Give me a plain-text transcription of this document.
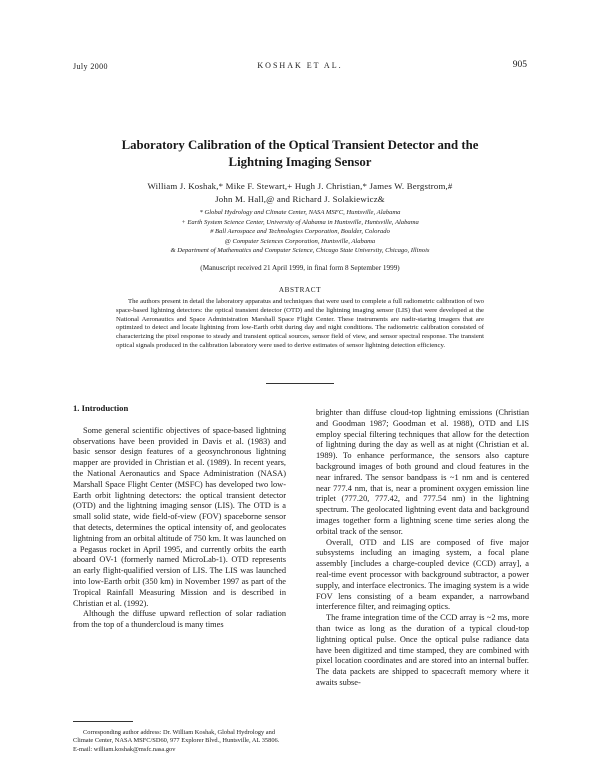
July 2000	KOSHAK ET AL.	905
Laboratory Calibration of the Optical Transient Detector and the
Lightning Imaging Sensor
William J. Koshak,* Mike F. Stewart,+ Hugh J. Christian,* James W. Bergstrom,#
John M. Hall,@ and Richard J. Solakiewicz&
* Global Hydrology and Climate Center, NASA MSFC, Huntsville, Alabama
+ Earth System Science Center, University of Alabama in Huntsville, Huntsville, Alabama
# Ball Aerospace and Technologies Corporation, Boulder, Colorado
@ Computer Sciences Corporation, Huntsville, Alabama
& Department of Mathematics and Computer Science, Chicago State University, Chicago, Illinois
(Manuscript received 21 April 1999, in final form 8 September 1999)
ABSTRACT
The authors present in detail the laboratory apparatus and techniques that were used to complete a full radiometric calibration of two space-based lightning detectors: the optical transient detector (OTD) and the lightning imaging sensor (LIS) that were developed at the National Aeronautics and Space Administration Marshall Space Flight Center. These instruments are nadir-staring imagers that are optimized to detect and locate lightning from low-Earth orbit during day and night conditions. The radiometric calibration consisted of characterizing the pixel response to steady and transient optical sources, sensor field of view, and sensor spectral response. The transient optical signals produced in the calibration laboratory were used to derive estimates of sensor lightning detection efficiency.

1. Introduction

Some general scientific objectives of space-based lightning observations have been provided in Davis et al. (1983) and basic sensor design features of a geosynchronous lightning mapper are provided in Christian et al. (1989). In recent years, the National Aeronautics and Space Administration (NASA) Marshall Space Flight Center (MSFC) has developed two low-Earth orbit lightning detectors: the optical transient detector (OTD) and the lightning imaging sensor (LIS). The OTD is a small solid state, wide field-of-view (FOV) spaceborne sensor that detects, determines the optical intensity of, and geolocates lightning from an orbital altitude of 750 km. It was launched on a Pegasus rocket in April 1995, and currently orbits the earth aboard OV-1 (formerly named MicroLab-1). OTD represents an early flight-qualified version of LIS. The LIS was launched into low-Earth orbit (350 km) in November 1997 as part of the Tropical Rainfall Measuring Mission and is described in Christian et al. (1992).

Although the diffuse upward reflection of solar radiation from the top of a thundercloud is many times

brighter than diffuse cloud-top lightning emissions (Christian and Goodman 1987; Goodman et al. 1988), OTD and LIS employ special filtering techniques that allow for the detection of lightning during the day as well as at night (Christian et al. 1989). To enhance performance, the sensors also capture background images of both ground and cloud features in the near infrared. The sensor bandpass is ~1 nm and is centered near 777.4 nm, that is, near a prominent oxygen emission line triplet (777.20, 777.42, and 777.54 nm) in the lightning spectrum. The geolocated lightning event data and background images together form a lightning scene time series along the orbital track of the sensor.

Overall, OTD and LIS are composed of five major subsystems including an imaging system, a focal plane assembly [includes a charge-coupled device (CCD) array], a real-time event processor with background subtractor, a power supply, and interface electronics. The imaging system is a wide FOV lens consisting of a beam expander, a narrowband interference filter, and reimaging optics.

The frame integration time of the CCD array is ~2 ms, more than twice as long as the duration of a typical cloud-top lightning optical pulse. Once the optical pulse radiance data have been digitized and time stamped, they are combined with pixel location coordinates and are stored into an internal buffer. The data packets are shipped to spacecraft memory where it awaits subse-

Corresponding author address: Dr. William Koshak, Global Hydrology and Climate Center, NASA MSFC/SD60, 977 Explorer Blvd., Huntsville, AL 35806.
E-mail: william.koshak@msfc.nasa.gov
